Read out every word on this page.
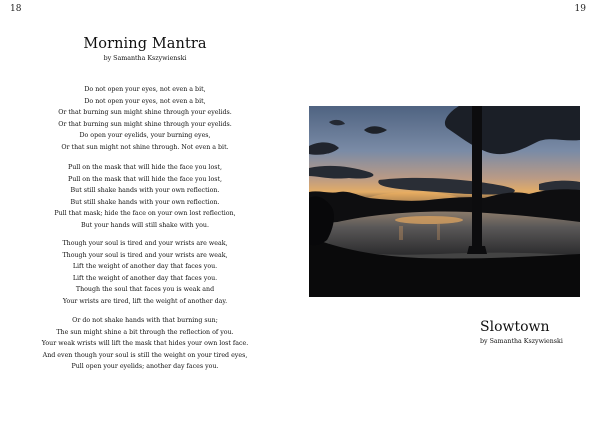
18	19
Morning Mantra
by Samantha Kszywienski
Do not open your eyes, not even a bit,
Do not open your eyes, not even a bit,
Or that burning sun might shine through your eyelids.
Or that burning sun might shine through your eyelids.
Do open your eyelids, your burning eyes,
Or that sun might not shine through. Not even a bit.
Pull on the mask that will hide the face you lost,
Pull on the mask that will hide the face you lost,
But still shake hands with your own reflection.
But still shake hands with your own reflection.
Pull that mask; hide the face on your own lost reflection,
But your hands will still shake with you.
Though your soul is tired and your wrists are weak,
Though your soul is tired and your wrists are weak,
Lift the weight of another day that faces you.
Lift the weight of another day that faces you.
Though the soul that faces you is weak and
Your wrists are tired, lift the weight of another day.
Or do not shake hands with that burning sun;
The sun might shine a bit through the reflection of you.
Your weak wrists will lift the mask that hides your own lost face.
And even though your soul is still the weight on your tired eyes,
Pull open your eyelids; another day faces you.
Slowtown
by Samantha Kszywienski
